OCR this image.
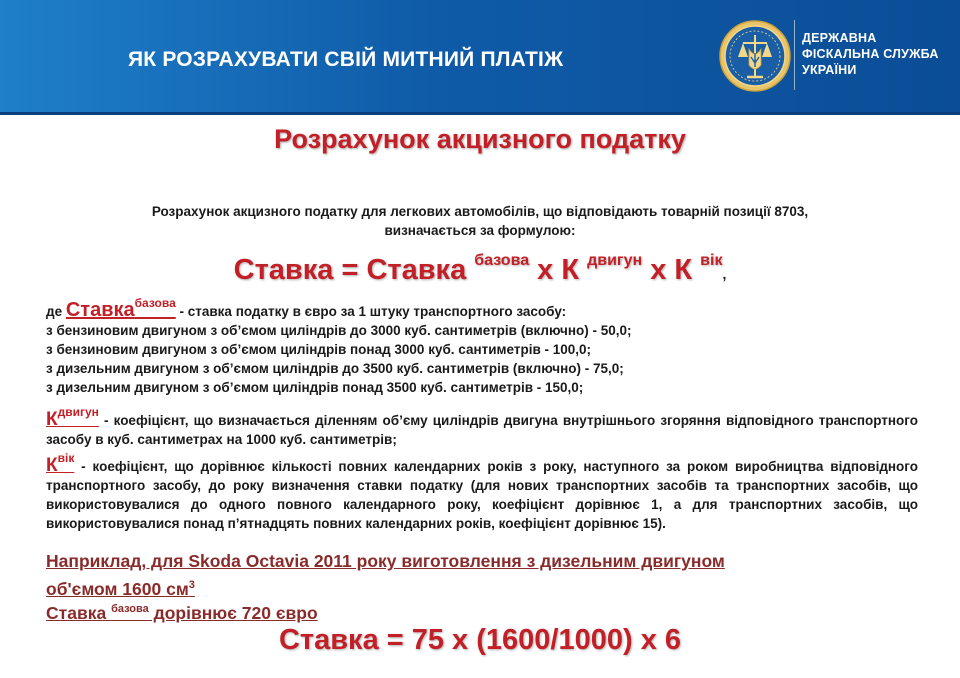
ЯК РОЗРАХУВАТИ СВІЙ МИТНИЙ ПЛАТІЖ
ДЕРЖАВНА
ФІСКАЛЬНА СЛУЖБА
УКРАЇНИ
Розрахунок акцизного податку
Розрахунок акцизного податку для легкових автомобілів, що відповідають товарній позиції 8703,
визначається за формулою:
Ставка = Ставка $^{базова}$ х К $^{двигун}$ х К $^{вік}$,
де Ставка$^{базова}$ - ставка податку в євро за 1 штуку транспортного засобу:
з бензиновим двигуном з об’ємом циліндрів до 3000 куб. сантиметрів (включно) - 50,0;
з бензиновим двигуном з об’ємом циліндрів понад 3000 куб. сантиметрів - 100,0;
з дизельним двигуном з об’ємом циліндрів до 3500 куб. сантиметрів (включно) - 75,0;
з дизельним двигуном з об’ємом циліндрів понад 3500 куб. сантиметрів - 150,0;
$К^{двигун}$ - коефіцієнт, що визначається діленням об’єму циліндрів двигуна внутрішнього згоряння відповідного транспортного засобу в куб. сантиметрах на 1000 куб. сантиметрів;
$К^{вік}$ - коефіцієнт, що дорівнює кількості повних календарних років з року, наступного за роком виробництва відповідного транспортного засобу, до року визначення ставки податку (для нових транспортних засобів та транспортних засобів, що використовувалися до одного повного календарного року, коефіцієнт дорівнює 1, а для транспортних засобів, що використовувалися понад п’ятнадцять повних календарних років, коефіцієнт дорівнює 15).
Наприклад, для Skoda Octavia 2011 року виготовлення з дизельним двигуном
об'ємом 1600 $см^3$
Ставка $^{базова}$ дорівнює 720 євро
Ставка = 75 х (1600/1000) х 6
